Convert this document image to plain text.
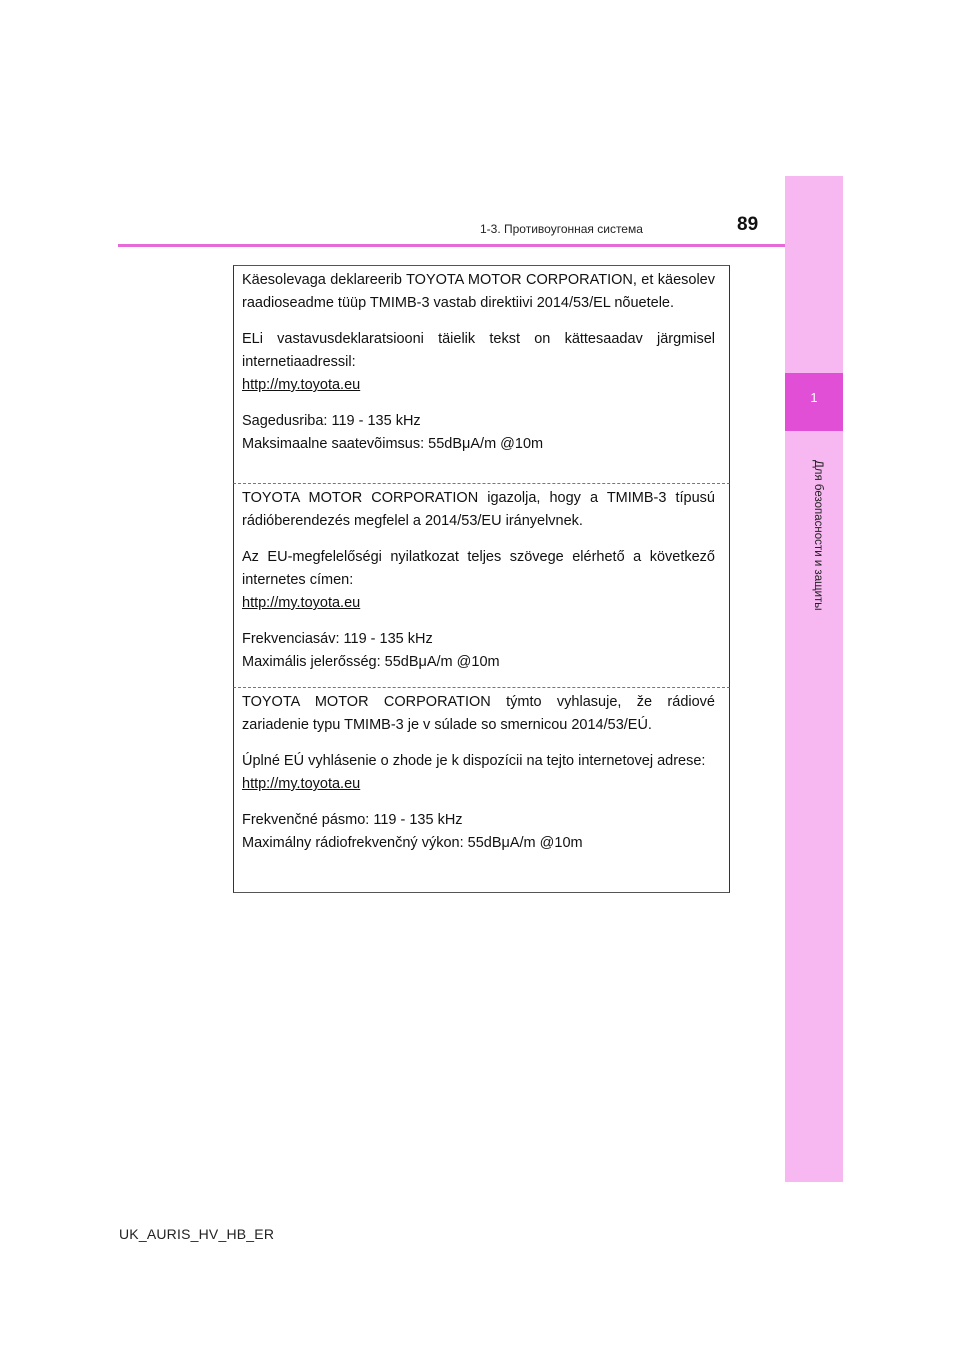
1
Для безопасности и защиты
1-3. Противоугонная система	89

Käesolevaga deklareerib TOYOTA MOTOR CORPORATION, et käesolev raadioseadme tüüp TMIMB-3 vastab direktiivi 2014/53/EL nõuetele.

ELi vastavusdeklaratsiooni täielik tekst on kättesaadav järgmisel internetiaadressil:

http://my.toyota.eu

Sagedusriba: 119 - 135 kHz
Maksimaalne saatevõimsus: 55dBμA/m @10m

TOYOTA MOTOR CORPORATION igazolja, hogy a TMIMB-3 típusú rádióberendezés megfelel a 2014/53/EU irányelvnek.

Az EU-megfelelőségi nyilatkozat teljes szövege elérhető a következő internetes címen:

http://my.toyota.eu

Frekvenciasáv: 119 - 135 kHz
Maximális jelerősség: 55dBμA/m @10m

TOYOTA MOTOR CORPORATION týmto vyhlasuje, že rádiové zariadenie typu TMIMB-3 je v súlade so smernicou 2014/53/EÚ.

Úplné EÚ vyhlásenie o zhode je k dispozícii na tejto internetovej adrese:

http://my.toyota.eu

Frekvenčné pásmo: 119 - 135 kHz
Maximálny rádiofrekvenčný výkon: 55dBμA/m @10m

UK_AURIS_HV_HB_ER
